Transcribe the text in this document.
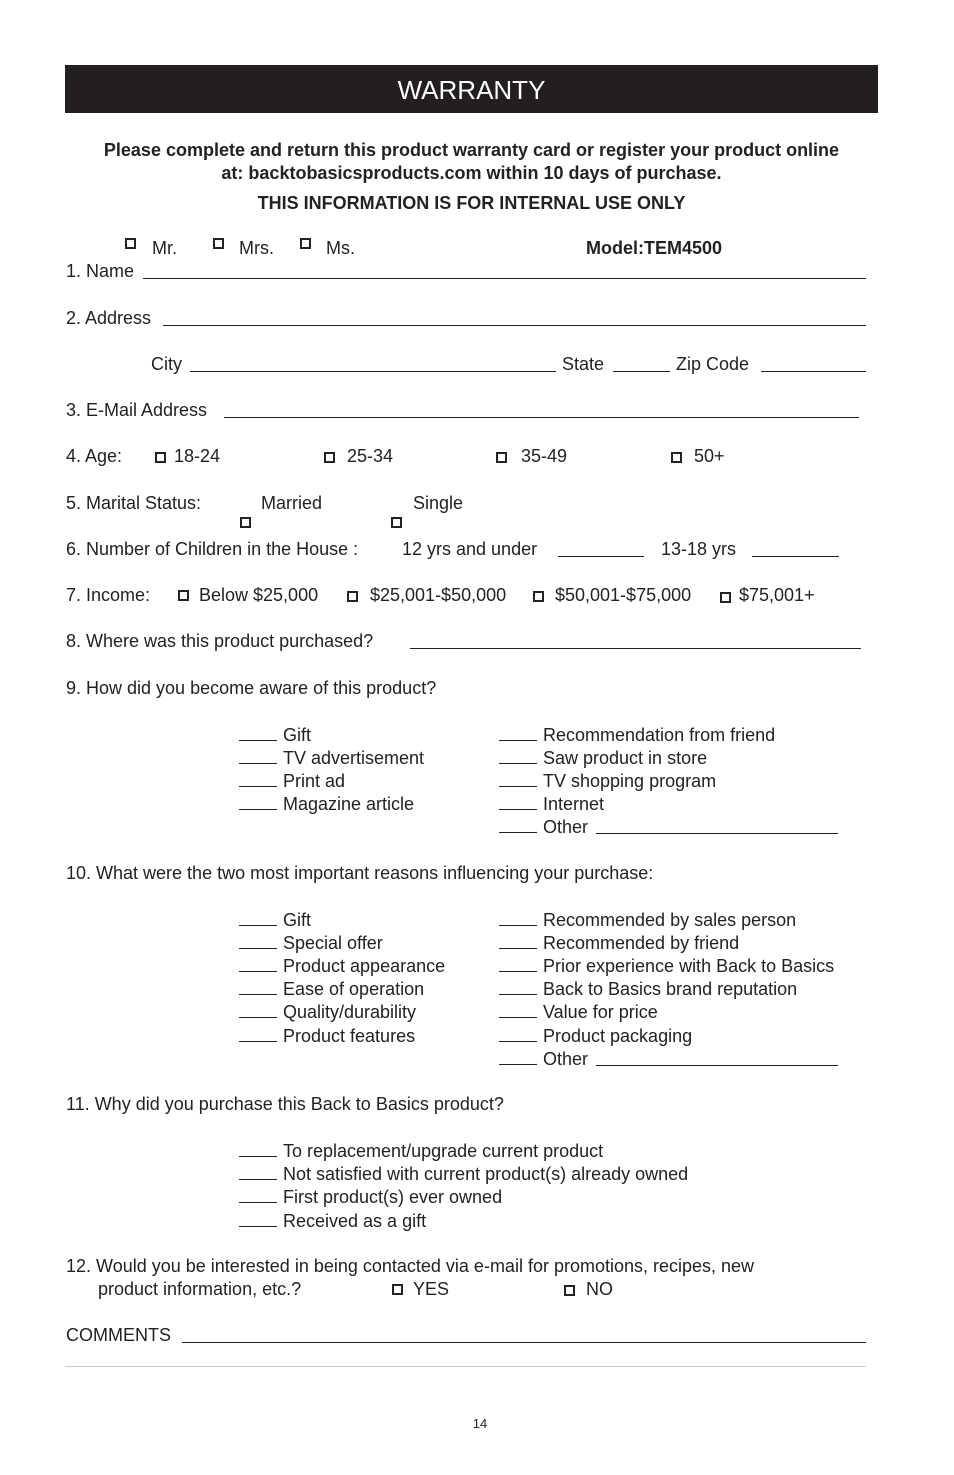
WARRANTY
Please complete and return this product warranty card or register your product online
at: backtobasicsproducts.com within 10 days of purchase.
THIS INFORMATION IS FOR INTERNAL USE ONLY
Mr.	Mrs.	Ms.	Model:TEM4500
1. Name
2. Address
City	State	Zip Code
3. E-Mail Address
4. Age:	18-24	25-34	35-49	50+
5. Marital Status:	Married	Single
6. Number of Children in the House : 12 yrs and under	13-18 yrs
7. Income:	Below $25,000	$25,001-$50,000	$50,001-$75,000	$75,001+
8. Where was this product purchased?
9. How did you become aware of this product?
Gift
TV advertisement
Print ad
Magazine article
Recommendation from friend
Saw product in store
TV shopping program
Internet
Other
10. What were the two most important reasons influencing your purchase:
Gift
Special offer
Product appearance
Ease of operation
Quality/durability
Product features
Recommended by sales person
Recommended by friend
Prior experience with Back to Basics
Back to Basics brand reputation
Value for price
Product packaging
Other
11. Why did you purchase this Back to Basics product?
To replacement/upgrade current product
Not satisfied with current product(s) already owned
First product(s) ever owned
Received as a gift
12. Would you be interested in being contacted via e-mail for promotions, recipes, new
product information, etc.?	YES	NO
COMMENTS
14
